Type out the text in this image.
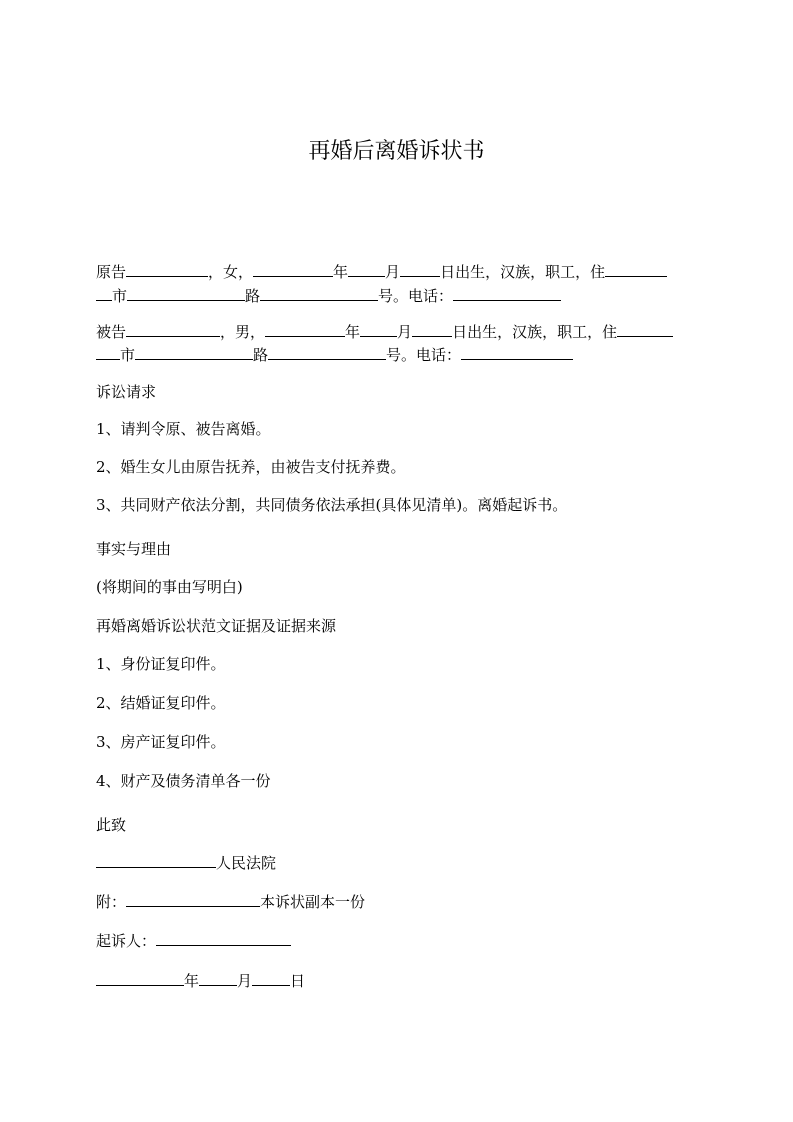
再婚后离婚诉状书
原告	，女，	年 月	日出生，汉族，职工，住
市	路	号。电话：
被告	，男，	年 月	日出生，汉族，职工，住
市	路	号。电话：
诉讼请求
1、请判令原、被告离婚。
2、婚生女儿由原告抚养，由被告支付抚养费。
3、共同财产依法分割，共同债务依法承担(具体见清单)。离婚起诉书。
事实与理由
(将期间的事由写明白)
再婚离婚诉讼状范文证据及证据来源
1、身份证复印件。
2、结婚证复印件。
3、房产证复印件。
4、财产及债务清单各一份
此致
人民法院
附：	本诉状副本一份
起诉人：
年	月	日
